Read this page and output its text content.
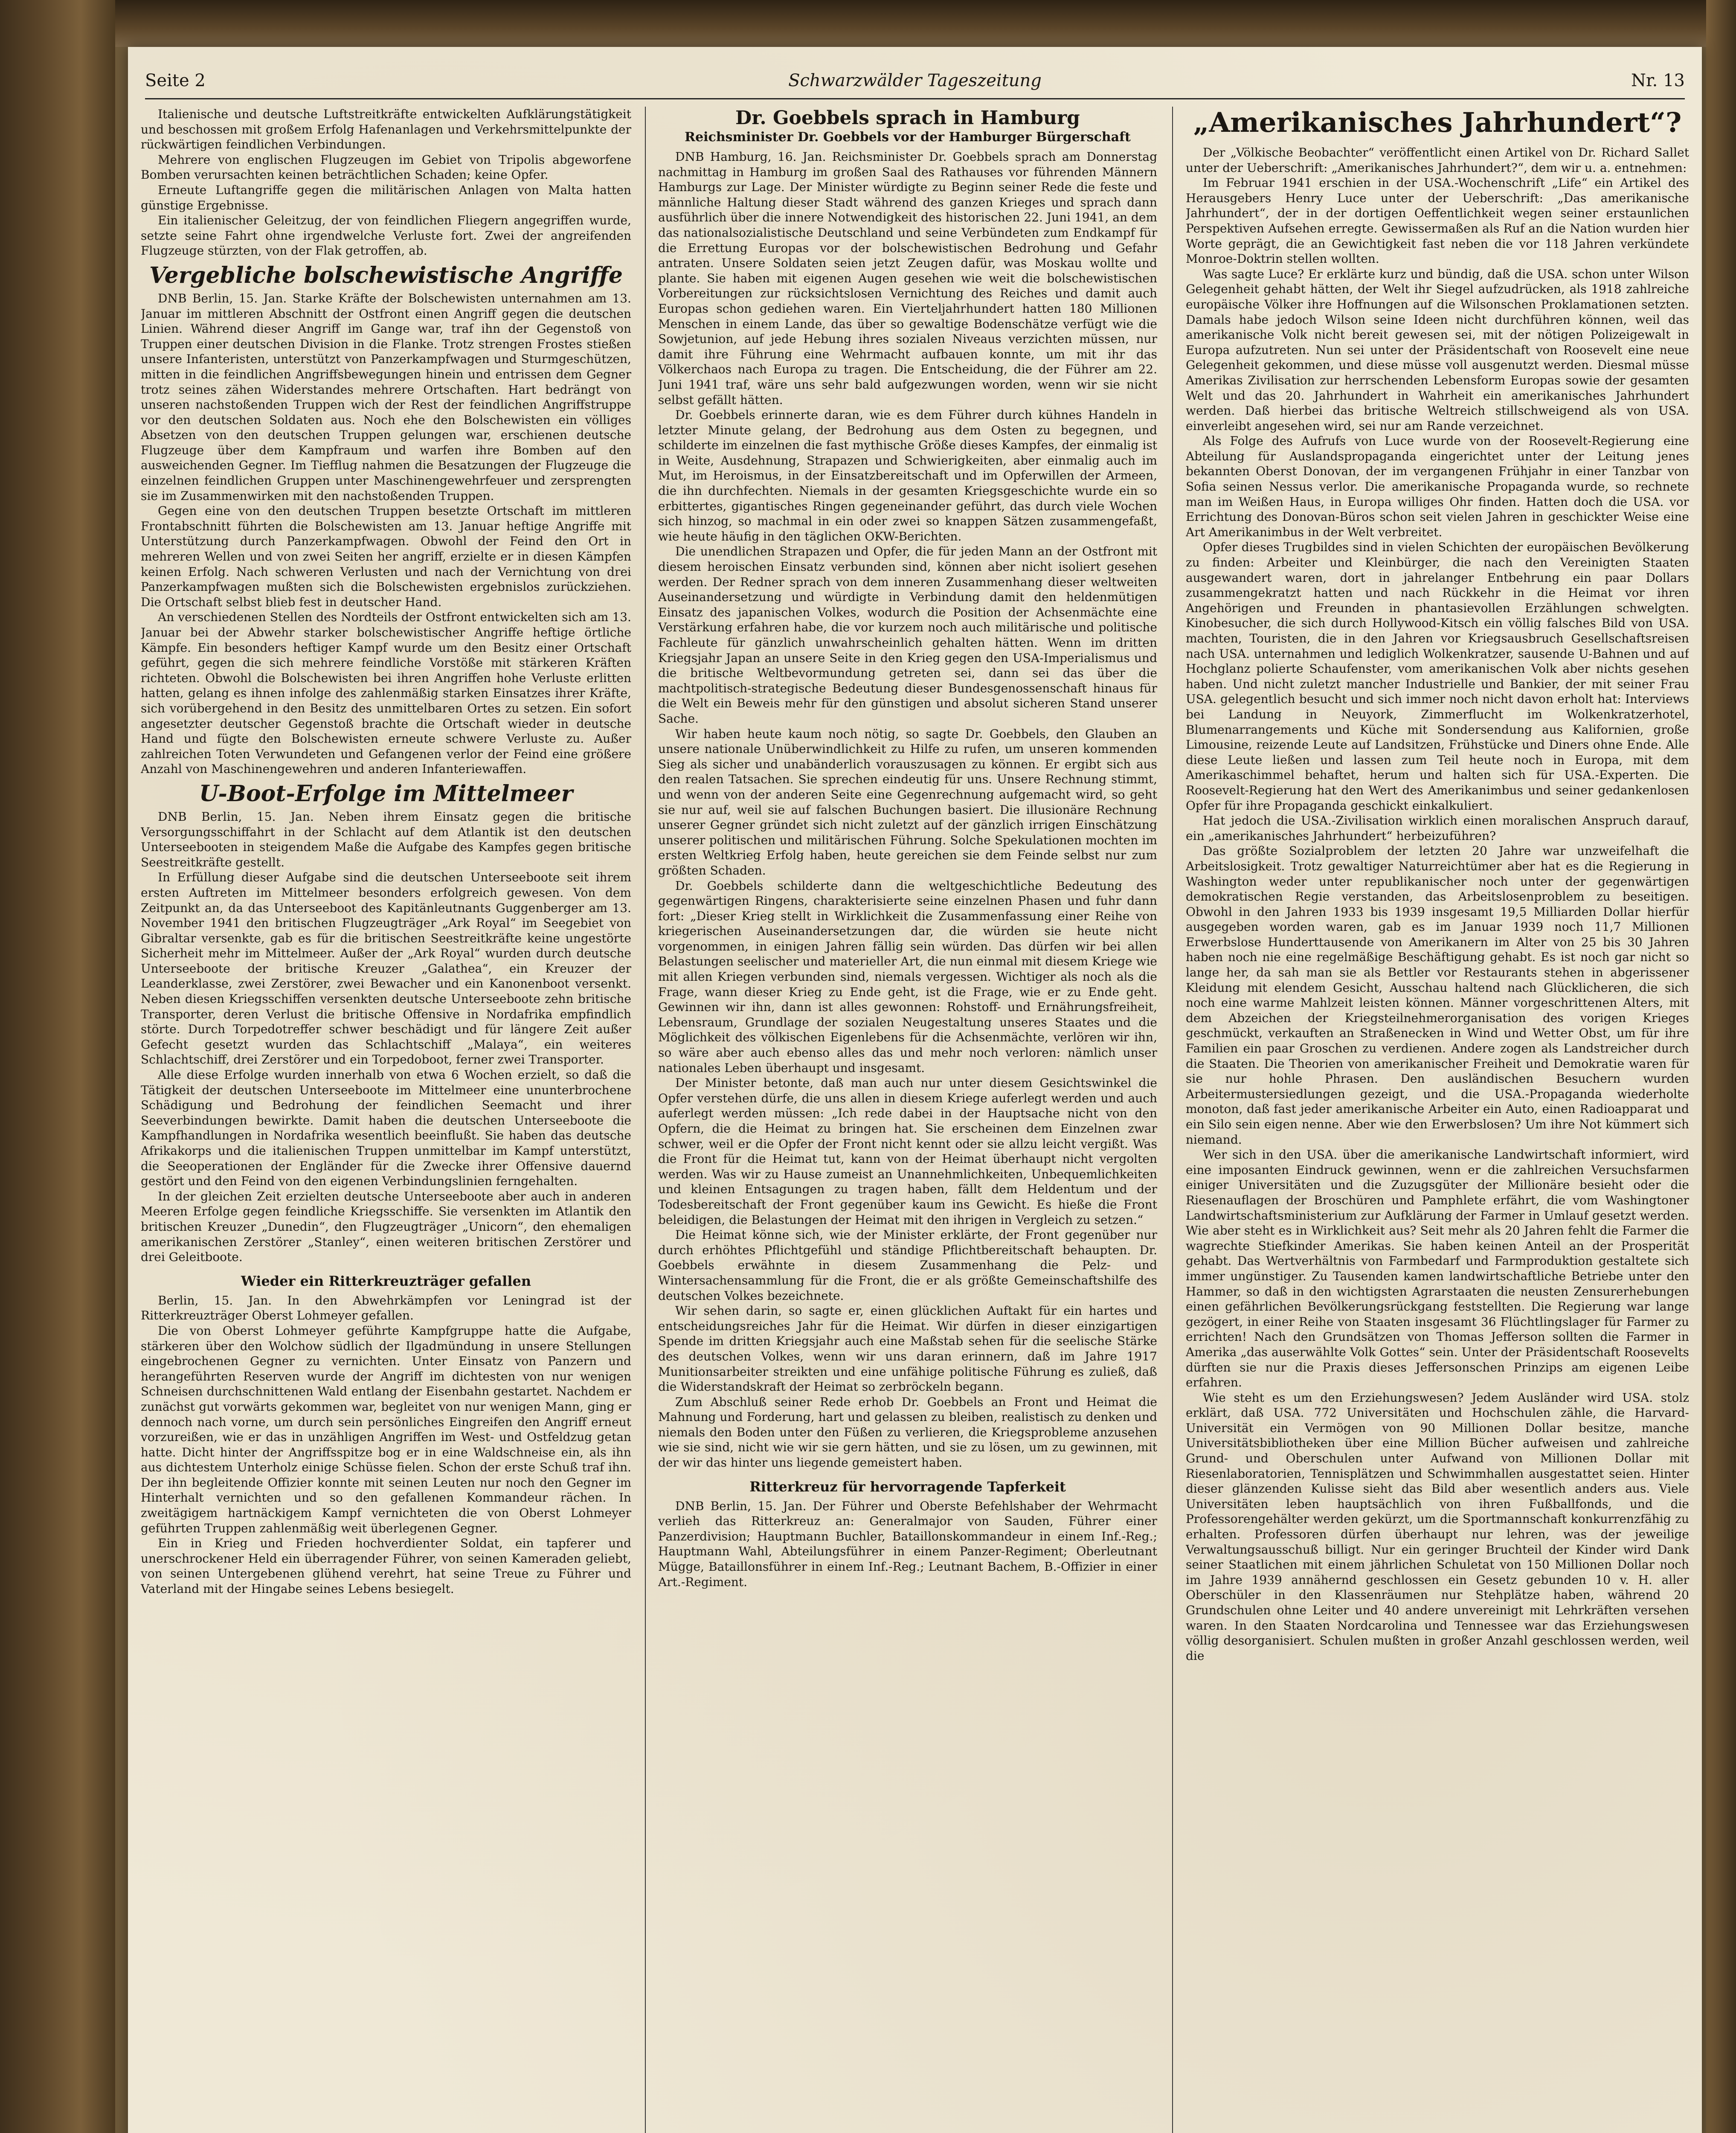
Seite 2	Schwarzwälder Tageszeitung	Nr. 13

Italienische und deutsche Luftstreitkräfte entwickelten Aufklärungstätigkeit und beschossen mit großem Erfolg Hafenanlagen und Verkehrsmittelpunkte der rückwärtigen feindlichen Verbindungen.

Mehrere von englischen Flugzeugen im Gebiet von Tripolis abgeworfene Bomben verursachten keinen beträchtlichen Schaden; keine Opfer.

Erneute Luftangriffe gegen die militärischen Anlagen von Malta hatten günstige Ergebnisse.

Ein italienischer Geleitzug, der von feindlichen Fliegern angegriffen wurde, setzte seine Fahrt ohne irgendwelche Verluste fort. Zwei der angreifenden Flugzeuge stürzten, von der Flak getroffen, ab.

Vergebliche bolschewistische Angriffe

DNB Berlin, 15. Jan. Starke Kräfte der Bolschewisten unternahmen am 13. Januar im mittleren Abschnitt der Ostfront einen Angriff gegen die deutschen Linien. Während dieser Angriff im Gange war, traf ihn der Gegenstoß von Truppen einer deutschen Division in die Flanke. Trotz strengen Frostes stießen unsere Infanteristen, unterstützt von Panzerkampfwagen und Sturmgeschützen, mitten in die feindlichen Angriffsbewegungen hinein und entrissen dem Gegner trotz seines zähen Widerstandes mehrere Ortschaften. Hart bedrängt von unseren nachstoßenden Truppen wich der Rest der feindlichen Angriffstruppe vor den deutschen Soldaten aus. Noch ehe den Bolschewisten ein völliges Absetzen von den deutschen Truppen gelungen war, erschienen deutsche Flugzeuge über dem Kampfraum und warfen ihre Bomben auf den ausweichenden Gegner. Im Tiefflug nahmen die Besatzungen der Flugzeuge die einzelnen feindlichen Gruppen unter Maschinengewehrfeuer und zersprengten sie im Zusammenwirken mit den nachstoßenden Truppen.

Gegen eine von den deutschen Truppen besetzte Ortschaft im mittleren Frontabschnitt führten die Bolschewisten am 13. Januar heftige Angriffe mit Unterstützung durch Panzerkampfwagen. Obwohl der Feind den Ort in mehreren Wellen und von zwei Seiten her angriff, erzielte er in diesen Kämpfen keinen Erfolg. Nach schweren Verlusten und nach der Vernichtung von drei Panzerkampfwagen mußten sich die Bolschewisten ergebnislos zurückziehen. Die Ortschaft selbst blieb fest in deutscher Hand.

An verschiedenen Stellen des Nordteils der Ostfront entwickelten sich am 13. Januar bei der Abwehr starker bolschewistischer Angriffe heftige örtliche Kämpfe. Ein besonders heftiger Kampf wurde um den Besitz einer Ortschaft geführt, gegen die sich mehrere feindliche Vorstöße mit stärkeren Kräften richteten. Obwohl die Bolschewisten bei ihren Angriffen hohe Verluste erlitten hatten, gelang es ihnen infolge des zahlenmäßig starken Einsatzes ihrer Kräfte, sich vorübergehend in den Besitz des unmittelbaren Ortes zu setzen. Ein sofort angesetzter deutscher Gegenstoß brachte die Ortschaft wieder in deutsche Hand und fügte den Bolschewisten erneute schwere Verluste zu. Außer zahlreichen Toten Verwundeten und Gefangenen verlor der Feind eine größere Anzahl von Maschinengewehren und anderen Infanteriewaffen.

U-Boot-Erfolge im Mittelmeer

DNB Berlin, 15. Jan. Neben ihrem Einsatz gegen die britische Versorgungsschiffahrt in der Schlacht auf dem Atlantik ist den deutschen Unterseebooten in steigendem Maße die Aufgabe des Kampfes gegen britische Seestreitkräfte gestellt.

In Erfüllung dieser Aufgabe sind die deutschen Unterseeboote seit ihrem ersten Auftreten im Mittelmeer besonders erfolgreich gewesen. Von dem Zeitpunkt an, da das Unterseeboot des Kapitänleutnants Guggenberger am 13. November 1941 den britischen Flugzeugträger „Ark Royal“ im Seegebiet von Gibraltar versenkte, gab es für die britischen Seestreitkräfte keine ungestörte Sicherheit mehr im Mittelmeer. Außer der „Ark Royal“ wurden durch deutsche Unterseeboote der britische Kreuzer „Galathea“, ein Kreuzer der Leanderklasse, zwei Zerstörer, zwei Bewacher und ein Kanonenboot versenkt. Neben diesen Kriegsschiffen versenkten deutsche Unterseeboote zehn britische Transporter, deren Verlust die britische Offensive in Nordafrika empfindlich störte. Durch Torpedotreffer schwer beschädigt und für längere Zeit außer Gefecht gesetzt wurden das Schlachtschiff „Malaya“, ein weiteres Schlachtschiff, drei Zerstörer und ein Torpedoboot, ferner zwei Transporter.

Alle diese Erfolge wurden innerhalb von etwa 6 Wochen erzielt, so daß die Tätigkeit der deutschen Unterseeboote im Mittelmeer eine ununterbrochene Schädigung und Bedrohung der feindlichen Seemacht und ihrer Seeverbindungen bewirkte. Damit haben die deutschen Unterseeboote die Kampfhandlungen in Nordafrika wesentlich beeinflußt. Sie haben das deutsche Afrikakorps und die italienischen Truppen unmittelbar im Kampf unterstützt, die Seeoperationen der Engländer für die Zwecke ihrer Offensive dauernd gestört und den Feind von den eigenen Verbindungslinien ferngehalten.

In der gleichen Zeit erzielten deutsche Unterseeboote aber auch in anderen Meeren Erfolge gegen feindliche Kriegsschiffe. Sie versenkten im Atlantik den britischen Kreuzer „Dunedin“, den Flugzeugträger „Unicorn“, den ehemaligen amerikanischen Zerstörer „Stanley“, einen weiteren britischen Zerstörer und drei Geleitboote.

Wieder ein Ritterkreuzträger gefallen

Berlin, 15. Jan. In den Abwehrkämpfen vor Leningrad ist der Ritterkreuzträger Oberst Lohmeyer gefallen.

Die von Oberst Lohmeyer geführte Kampfgruppe hatte die Aufgabe, stärkeren über den Wolchow südlich der Ilgadmündung in unsere Stellungen eingebrochenen Gegner zu vernichten. Unter Einsatz von Panzern und herangeführten Reserven wurde der Angriff im dichtesten von nur wenigen Schneisen durchschnittenen Wald entlang der Eisenbahn gestartet. Nachdem er zunächst gut vorwärts gekommen war, begleitet von nur wenigen Mann, ging er dennoch nach vorne, um durch sein persönliches Eingreifen den Angriff erneut vorzureißen, wie er das in unzähligen Angriffen im West- und Ostfeldzug getan hatte. Dicht hinter der Angriffsspitze bog er in eine Waldschneise ein, als ihn aus dichtestem Unterholz einige Schüsse fielen. Schon der erste Schuß traf ihn. Der ihn begleitende Offizier konnte mit seinen Leuten nur noch den Gegner im Hinterhalt vernichten und so den gefallenen Kommandeur rächen. In zweitägigem hartnäckigem Kampf vernichteten die von Oberst Lohmeyer geführten Truppen zahlenmäßig weit überlegenen Gegner.

Ein in Krieg und Frieden hochverdienter Soldat, ein tapferer und unerschrockener Held ein überragender Führer, von seinen Kameraden geliebt, von seinen Untergebenen glühend verehrt, hat seine Treue zu Führer und Vaterland mit der Hingabe seines Lebens besiegelt.

Dr. Goebbels sprach in Hamburg
Reichsminister Dr. Goebbels vor der Hamburger Bürgerschaft

DNB Hamburg, 16. Jan. Reichsminister Dr. Goebbels sprach am Donnerstag nachmittag in Hamburg im großen Saal des Rathauses vor führenden Männern Hamburgs zur Lage. Der Minister würdigte zu Beginn seiner Rede die feste und männliche Haltung dieser Stadt während des ganzen Krieges und sprach dann ausführlich über die innere Notwendigkeit des historischen 22. Juni 1941, an dem das nationalsozialistische Deutschland und seine Verbündeten zum Endkampf für die Errettung Europas vor der bolschewistischen Bedrohung und Gefahr antraten. Unsere Soldaten seien jetzt Zeugen dafür, was Moskau wollte und plante. Sie haben mit eigenen Augen gesehen wie weit die bolschewistischen Vorbereitungen zur rücksichtslosen Vernichtung des Reiches und damit auch Europas schon gediehen waren. Ein Vierteljahrhundert hatten 180 Millionen Menschen in einem Lande, das über so gewaltige Bodenschätze verfügt wie die Sowjetunion, auf jede Hebung ihres sozialen Niveaus verzichten müssen, nur damit ihre Führung eine Wehrmacht aufbauen konnte, um mit ihr das Völkerchaos nach Europa zu tragen. Die Entscheidung, die der Führer am 22. Juni 1941 traf, wäre uns sehr bald aufgezwungen worden, wenn wir sie nicht selbst gefällt hätten.

Dr. Goebbels erinnerte daran, wie es dem Führer durch kühnes Handeln in letzter Minute gelang, der Bedrohung aus dem Osten zu begegnen, und schilderte im einzelnen die fast mythische Größe dieses Kampfes, der einmalig ist in Weite, Ausdehnung, Strapazen und Schwierigkeiten, aber einmalig auch im Mut, im Heroismus, in der Einsatzbereitschaft und im Opferwillen der Armeen, die ihn durchfechten. Niemals in der gesamten Kriegsgeschichte wurde ein so erbittertes, gigantisches Ringen gegeneinander geführt, das durch viele Wochen sich hinzog, so machmal in ein oder zwei so knappen Sätzen zusammengefaßt, wie heute häufig in den täglichen OKW-Berichten.

Die unendlichen Strapazen und Opfer, die für jeden Mann an der Ostfront mit diesem heroischen Einsatz verbunden sind, können aber nicht isoliert gesehen werden. Der Redner sprach von dem inneren Zusammenhang dieser weltweiten Auseinandersetzung und würdigte in Verbindung damit den heldenmütigen Einsatz des japanischen Volkes, wodurch die Position der Achsenmächte eine Verstärkung erfahren habe, die vor kurzem noch auch militärische und politische Fachleute für gänzlich unwahrscheinlich gehalten hätten. Wenn im dritten Kriegsjahr Japan an unsere Seite in den Krieg gegen den USA-Imperialismus und die britische Weltbevormundung getreten sei, dann sei das über die machtpolitisch-strategische Bedeutung dieser Bundesgenossenschaft hinaus für die Welt ein Beweis mehr für den günstigen und absolut sicheren Stand unserer Sache.

Wir haben heute kaum noch nötig, so sagte Dr. Goebbels, den Glauben an unsere nationale Unüberwindlichkeit zu Hilfe zu rufen, um unseren kommenden Sieg als sicher und unabänderlich vorauszusagen zu können. Er ergibt sich aus den realen Tatsachen. Sie sprechen eindeutig für uns. Unsere Rechnung stimmt, und wenn von der anderen Seite eine Gegenrechnung aufgemacht wird, so geht sie nur auf, weil sie auf falschen Buchungen basiert. Die illusionäre Rechnung unserer Gegner gründet sich nicht zuletzt auf der gänzlich irrigen Einschätzung unserer politischen und militärischen Führung. Solche Spekulationen mochten im ersten Weltkrieg Erfolg haben, heute gereichen sie dem Feinde selbst nur zum größten Schaden.

Dr. Goebbels schilderte dann die weltgeschichtliche Bedeutung des gegenwärtigen Ringens, charakterisierte seine einzelnen Phasen und fuhr dann fort: „Dieser Krieg stellt in Wirklichkeit die Zusammenfassung einer Reihe von kriegerischen Auseinandersetzungen dar, die würden sie heute nicht vorgenommen, in einigen Jahren fällig sein würden. Das dürfen wir bei allen Belastungen seelischer und materieller Art, die nun einmal mit diesem Kriege wie mit allen Kriegen verbunden sind, niemals vergessen. Wichtiger als noch als die Frage, wann dieser Krieg zu Ende geht, ist die Frage, wie er zu Ende geht. Gewinnen wir ihn, dann ist alles gewonnen: Rohstoff- und Ernährungsfreiheit, Lebensraum, Grundlage der sozialen Neugestaltung unseres Staates und die Möglichkeit des völkischen Eigenlebens für die Achsenmächte, verlören wir ihn, so wäre aber auch ebenso alles das und mehr noch verloren: nämlich unser nationales Leben überhaupt und insgesamt.

Der Minister betonte, daß man auch nur unter diesem Gesichtswinkel die Opfer verstehen dürfe, die uns allen in diesem Kriege auferlegt werden und auch auferlegt werden müssen: „Ich rede dabei in der Hauptsache nicht von den Opfern, die die Heimat zu bringen hat. Sie erscheinen dem Einzelnen zwar schwer, weil er die Opfer der Front nicht kennt oder sie allzu leicht vergißt. Was die Front für die Heimat tut, kann von der Heimat überhaupt nicht vergolten werden. Was wir zu Hause zumeist an Unannehmlichkeiten, Unbequemlichkeiten und kleinen Entsagungen zu tragen haben, fällt dem Heldentum und der Todesbereitschaft der Front gegenüber kaum ins Gewicht. Es hieße die Front beleidigen, die Belastungen der Heimat mit den ihrigen in Vergleich zu setzen.“

Die Heimat könne sich, wie der Minister erklärte, der Front gegenüber nur durch erhöhtes Pflichtgefühl und ständige Pflichtbereitschaft behaupten. Dr. Goebbels erwähnte in diesem Zusammenhang die Pelz- und Wintersachensammlung für die Front, die er als größte Gemeinschaftshilfe des deutschen Volkes bezeichnete.

Wir sehen darin, so sagte er, einen glücklichen Auftakt für ein hartes und entscheidungsreiches Jahr für die Heimat. Wir dürfen in dieser einzigartigen Spende im dritten Kriegsjahr auch eine Maßstab sehen für die seelische Stärke des deutschen Volkes, wenn wir uns daran erinnern, daß im Jahre 1917 Munitionsarbeiter streikten und eine unfähige politische Führung es zuließ, daß die Widerstandskraft der Heimat so zerbröckeln begann.

Zum Abschluß seiner Rede erhob Dr. Goebbels an Front und Heimat die Mahnung und Forderung, hart und gelassen zu bleiben, realistisch zu denken und niemals den Boden unter den Füßen zu verlieren, die Kriegsprobleme anzusehen wie sie sind, nicht wie wir sie gern hätten, und sie zu lösen, um zu gewinnen, mit der wir das hinter uns liegende gemeistert haben.

Ritterkreuz für hervorragende Tapferkeit

DNB Berlin, 15. Jan. Der Führer und Oberste Befehlshaber der Wehrmacht verlieh das Ritterkreuz an: Generalmajor von Sauden, Führer einer Panzerdivision; Hauptmann Buchler, Bataillonskommandeur in einem Inf.-Reg.; Hauptmann Wahl, Abteilungsführer in einem Panzer-Regiment; Oberleutnant Mügge, Bataillonsführer in einem Inf.-Reg.; Leutnant Bachem, B.-Offizier in einer Art.-Regiment.

„Amerikanisches Jahrhundert“?

Der „Völkische Beobachter“ veröffentlicht einen Artikel von Dr. Richard Sallet unter der Ueberschrift: „Amerikanisches Jahrhundert?“, dem wir u. a. entnehmen:

Im Februar 1941 erschien in der USA.-Wochenschrift „Life“ ein Artikel des Herausgebers Henry Luce unter der Ueberschrift: „Das amerikanische Jahrhundert“, der in der dortigen Oeffentlichkeit wegen seiner erstaunlichen Perspektiven Aufsehen erregte. Gewissermaßen als Ruf an die Nation wurden hier Worte geprägt, die an Gewichtigkeit fast neben die vor 118 Jahren verkündete Monroe-Doktrin stellen wollten.

Was sagte Luce? Er erklärte kurz und bündig, daß die USA. schon unter Wilson Gelegenheit gehabt hätten, der Welt ihr Siegel aufzudrücken, als 1918 zahlreiche europäische Völker ihre Hoffnungen auf die Wilsonschen Proklamationen setzten. Damals habe jedoch Wilson seine Ideen nicht durchführen können, weil das amerikanische Volk nicht bereit gewesen sei, mit der nötigen Polizeigewalt in Europa aufzutreten. Nun sei unter der Präsidentschaft von Roosevelt eine neue Gelegenheit gekommen, und diese müsse voll ausgenutzt werden. Diesmal müsse Amerikas Zivilisation zur herrschenden Lebensform Europas sowie der gesamten Welt und das 20. Jahrhundert in Wahrheit ein amerikanisches Jahrhundert werden. Daß hierbei das britische Weltreich stillschweigend als von USA. einverleibt angesehen wird, sei nur am Rande verzeichnet.

Als Folge des Aufrufs von Luce wurde von der Roosevelt-Regierung eine Abteilung für Auslandspropaganda eingerichtet unter der Leitung jenes bekannten Oberst Donovan, der im vergangenen Frühjahr in einer Tanzbar von Sofia seinen Nessus verlor. Die amerikanische Propaganda wurde, so rechnete man im Weißen Haus, in Europa williges Ohr finden. Hatten doch die USA. vor Errichtung des Donovan-Büros schon seit vielen Jahren in geschickter Weise eine Art Amerikanimbus in der Welt verbreitet.

Opfer dieses Trugbildes sind in vielen Schichten der europäischen Bevölkerung zu finden: Arbeiter und Kleinbürger, die nach den Vereinigten Staaten ausgewandert waren, dort in jahrelanger Entbehrung ein paar Dollars zusammengekratzt hatten und nach Rückkehr in die Heimat vor ihren Angehörigen und Freunden in phantasievollen Erzählungen schwelgten. Kinobesucher, die sich durch Hollywood-Kitsch ein völlig falsches Bild von USA. machten, Touristen, die in den Jahren vor Kriegsausbruch Gesellschaftsreisen nach USA. unternahmen und lediglich Wolkenkratzer, sausende U-Bahnen und auf Hochglanz polierte Schaufenster, vom amerikanischen Volk aber nichts gesehen haben. Und nicht zuletzt mancher Industrielle und Bankier, der mit seiner Frau USA. gelegentlich besucht und sich immer noch nicht davon erholt hat: Interviews bei Landung in Neuyork, Zimmerflucht im Wolkenkratzerhotel, Blumenarrangements und Küche mit Sondersendung aus Kalifornien, große Limousine, reizende Leute auf Landsitzen, Frühstücke und Diners ohne Ende. Alle diese Leute ließen und lassen zum Teil heute noch in Europa, mit dem Amerikaschimmel behaftet, herum und halten sich für USA.-Experten. Die Roosevelt-Regierung hat den Wert des Amerikanimbus und seiner gedankenlosen Opfer für ihre Propaganda geschickt einkalkuliert.

Hat jedoch die USA.-Zivilisation wirklich einen moralischen Anspruch darauf, ein „amerikanisches Jahrhundert“ herbeizuführen?

Das größte Sozialproblem der letzten 20 Jahre war unzweifelhaft die Arbeitslosigkeit. Trotz gewaltiger Naturreichtümer aber hat es die Regierung in Washington weder unter republikanischer noch unter der gegenwärtigen demokratischen Regie verstanden, das Arbeitslosenproblem zu beseitigen. Obwohl in den Jahren 1933 bis 1939 insgesamt 19,5 Milliarden Dollar hierfür ausgegeben worden waren, gab es im Januar 1939 noch 11,7 Millionen Erwerbslose Hunderttausende von Amerikanern im Alter von 25 bis 30 Jahren haben noch nie eine regelmäßige Beschäftigung gehabt. Es ist noch gar nicht so lange her, da sah man sie als Bettler vor Restaurants stehen in abgerissener Kleidung mit elendem Gesicht, Ausschau haltend nach Glücklicheren, die sich noch eine warme Mahlzeit leisten können. Männer vorgeschrittenen Alters, mit dem Abzeichen der Kriegsteilnehmerorganisation des vorigen Krieges geschmückt, verkauften an Straßenecken in Wind und Wetter Obst, um für ihre Familien ein paar Groschen zu verdienen. Andere zogen als Landstreicher durch die Staaten. Die Theorien von amerikanischer Freiheit und Demokratie waren für sie nur hohle Phrasen. Den ausländischen Besuchern wurden Arbeitermustersiedlungen gezeigt, und die USA.-Propaganda wiederholte monoton, daß fast jeder amerikanische Arbeiter ein Auto, einen Radioapparat und ein Silo sein eigen nenne. Aber wie den Erwerbslosen? Um ihre Not kümmert sich niemand.

Wer sich in den USA. über die amerikanische Landwirtschaft informiert, wird eine imposanten Eindruck gewinnen, wenn er die zahlreichen Versuchsfarmen einiger Universitäten und die Zuzugsgüter der Millionäre besieht oder die Riesenauflagen der Broschüren und Pamphlete erfährt, die vom Washingtoner Landwirtschaftsministerium zur Aufklärung der Farmer in Umlauf gesetzt werden. Wie aber steht es in Wirklichkeit aus? Seit mehr als 20 Jahren fehlt die Farmer die wagrechte Stiefkinder Amerikas. Sie haben keinen Anteil an der Prosperität gehabt. Das Wertverhältnis von Farmbedarf und Farmproduktion gestaltete sich immer ungünstiger. Zu Tausenden kamen landwirtschaftliche Betriebe unter den Hammer, so daß in den wichtigsten Agrarstaaten die neusten Zensurerhebungen einen gefährlichen Bevölkerungsrückgang feststellten. Die Regierung war lange gezögert, in einer Reihe von Staaten insgesamt 36 Flüchtlingslager für Farmer zu errichten! Nach den Grundsätzen von Thomas Jefferson sollten die Farmer in Amerika „das auserwählte Volk Gottes“ sein. Unter der Präsidentschaft Roosevelts dürften sie nur die Praxis dieses Jeffersonschen Prinzips am eigenen Leibe erfahren.

Wie steht es um den Erziehungswesen? Jedem Ausländer wird USA. stolz erklärt, daß USA. 772 Universitäten und Hochschulen zähle, die Harvard-Universität ein Vermögen von 90 Millionen Dollar besitze, manche Universitätsbibliotheken über eine Million Bücher aufweisen und zahlreiche Grund- und Oberschulen unter Aufwand von Millionen Dollar mit Riesenlaboratorien, Tennisplätzen und Schwimmhallen ausgestattet seien. Hinter dieser glänzenden Kulisse sieht das Bild aber wesentlich anders aus. Viele Universitäten leben hauptsächlich von ihren Fußballfonds, und die Professorengehälter werden gekürzt, um die Sportmannschaft konkurrenzfähig zu erhalten. Professoren dürfen überhaupt nur lehren, was der jeweilige Verwaltungsausschuß billigt. Nur ein geringer Bruchteil der Kinder wird Dank seiner Staatlichen mit einem jährlichen Schuletat von 150 Millionen Dollar noch im Jahre 1939 annähernd geschlossen ein Gesetz gebunden 10 v. H. aller Oberschüler in den Klassenräumen nur Stehplätze haben, während 20 Grundschulen ohne Leiter und 40 andere unvereinigt mit Lehrkräften versehen waren. In den Staaten Nordcarolina und Tennessee war das Erziehungswesen völlig desorganisiert. Schulen mußten in großer Anzahl geschlossen werden, weil die
